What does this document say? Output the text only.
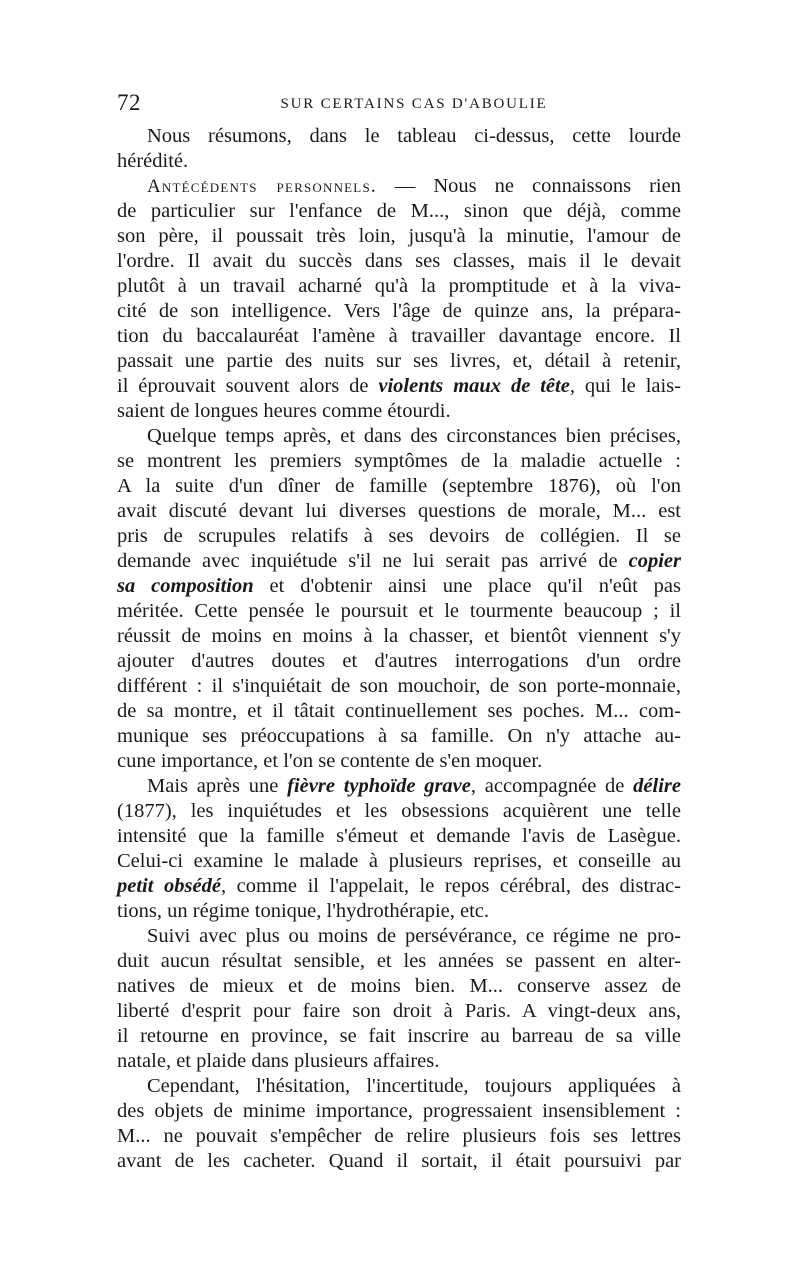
72	SUR CERTAINS CAS D'ABOULIE

Nous résumons, dans le tableau ci-dessus, cette lourde
hérédité.

Antécédents personnels. — Nous ne connaissons rien
de particulier sur l'enfance de M..., sinon que déjà, comme
son père, il poussait très loin, jusqu'à la minutie, l'amour de
l'ordre. Il avait du succès dans ses classes, mais il le devait
plutôt à un travail acharné qu'à la promptitude et à la viva-
cité de son intelligence. Vers l'âge de quinze ans, la prépara-
tion du baccalauréat l'amène à travailler davantage encore. Il
passait une partie des nuits sur ses livres, et, détail à retenir,
il éprouvait souvent alors de violents maux de tête, qui le lais-
saient de longues heures comme étourdi.

Quelque temps après, et dans des circonstances bien précises,
se montrent les premiers symptômes de la maladie actuelle :
A la suite d'un dîner de famille (septembre 1876), où l'on
avait discuté devant lui diverses questions de morale, M... est
pris de scrupules relatifs à ses devoirs de collégien. Il se
demande avec inquiétude s'il ne lui serait pas arrivé de copier
sa composition et d'obtenir ainsi une place qu'il n'eût pas
méritée. Cette pensée le poursuit et le tourmente beaucoup ; il
réussit de moins en moins à la chasser, et bientôt viennent s'y
ajouter d'autres doutes et d'autres interrogations d'un ordre
différent : il s'inquiétait de son mouchoir, de son porte-monnaie,
de sa montre, et il tâtait continuellement ses poches. M... com-
munique ses préoccupations à sa famille. On n'y attache au-
cune importance, et l'on se contente de s'en moquer.

Mais après une fièvre typhoïde grave, accompagnée de délire
(1877), les inquiétudes et les obsessions acquièrent une telle
intensité que la famille s'émeut et demande l'avis de Lasègue.
Celui-ci examine le malade à plusieurs reprises, et conseille au
petit obsédé, comme il l'appelait, le repos cérébral, des distrac-
tions, un régime tonique, l'hydrothérapie, etc.

Suivi avec plus ou moins de persévérance, ce régime ne pro-
duit aucun résultat sensible, et les années se passent en alter-
natives de mieux et de moins bien. M... conserve assez de
liberté d'esprit pour faire son droit à Paris. A vingt-deux ans,
il retourne en province, se fait inscrire au barreau de sa ville
natale, et plaide dans plusieurs affaires.

Cependant, l'hésitation, l'incertitude, toujours appliquées à
des objets de minime importance, progressaient insensiblement :
M... ne pouvait s'empêcher de relire plusieurs fois ses lettres
avant de les cacheter. Quand il sortait, il était poursuivi par
